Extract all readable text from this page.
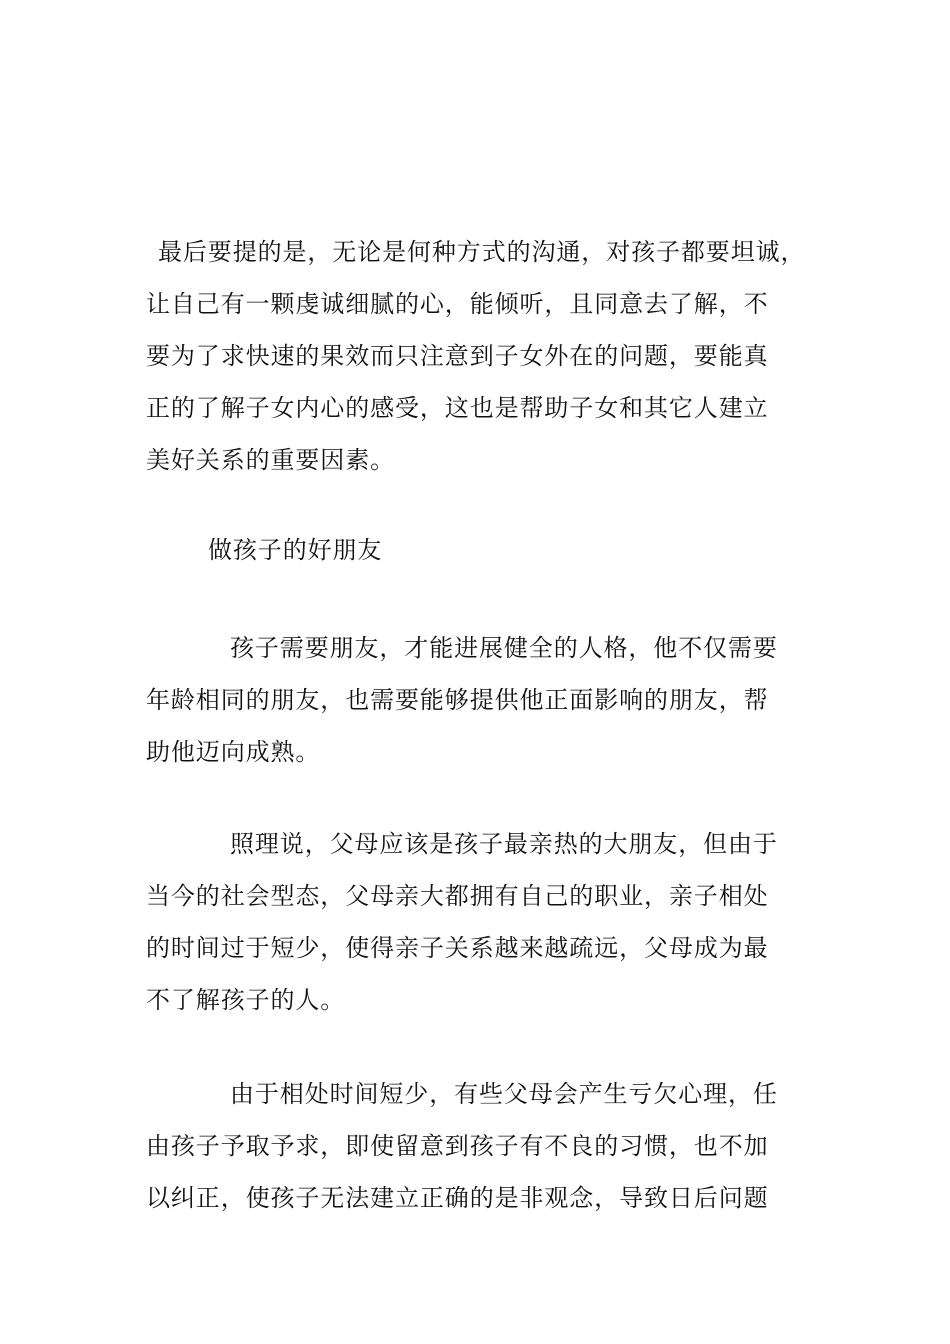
最后要提的是，无论是何种方式的沟通，对孩子都要坦诚，
让自己有一颗虔诚细腻的心，能倾听，且同意去了解，不
要为了求快速的果效而只注意到子女外在的问题，要能真
正的了解子女内心的感受，这也是帮助子女和其它人建立
美好关系的重要因素。
做孩子的好朋友
孩子需要朋友，才能进展健全的人格，他不仅需要
年龄相同的朋友，也需要能够提供他正面影响的朋友，帮
助他迈向成熟。
照理说，父母应该是孩子最亲热的大朋友，但由于
当今的社会型态，父母亲大都拥有自己的职业，亲子相处
的时间过于短少，使得亲子关系越来越疏远，父母成为最
不了解孩子的人。
由于相处时间短少，有些父母会产生亏欠心理，任
由孩子予取予求，即使留意到孩子有不良的习惯，也不加
以纠正，使孩子无法建立正确的是非观念，导致日后问题
